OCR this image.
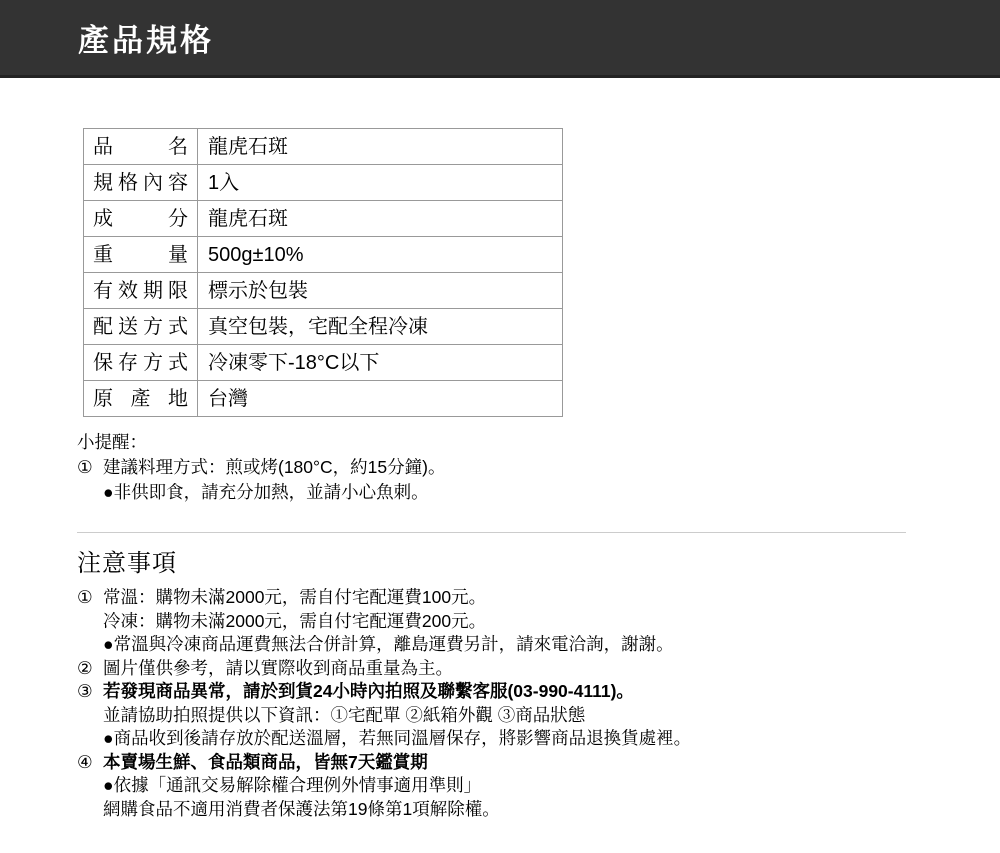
產品規格
品名	龍虎石斑
規格內容	1入
成分	龍虎石斑
重量	500g±10%
有效期限	標示於包裝
配送方式	真空包裝，宅配全程冷凍
保存方式	冷凍零下-18°C以下
原產地	台灣
小提醒：
① 建議料理方式：煎或烤(180°C，約15分鐘)。
●非供即食，請充分加熱，並請小心魚刺。
注意事項
① 常溫：購物未滿2000元，需自付宅配運費100元。
冷凍：購物未滿2000元，需自付宅配運費200元。
●常溫與冷凍商品運費無法合併計算，離島運費另計，請來電洽詢，謝謝。
② 圖片僅供參考，請以實際收到商品重量為主。
③ 若發現商品異常，請於到貨24小時內拍照及聯繫客服(03-990-4111)。
並請協助拍照提供以下資訊：①宅配單 ②紙箱外觀 ③商品狀態
●商品收到後請存放於配送溫層，若無同溫層保存，將影響商品退換貨處裡。
④ 本賣場生鮮、食品類商品，皆無7天鑑賞期
●依據「通訊交易解除權合理例外情事適用準則」
網購食品不適用消費者保護法第19條第1項解除權。
